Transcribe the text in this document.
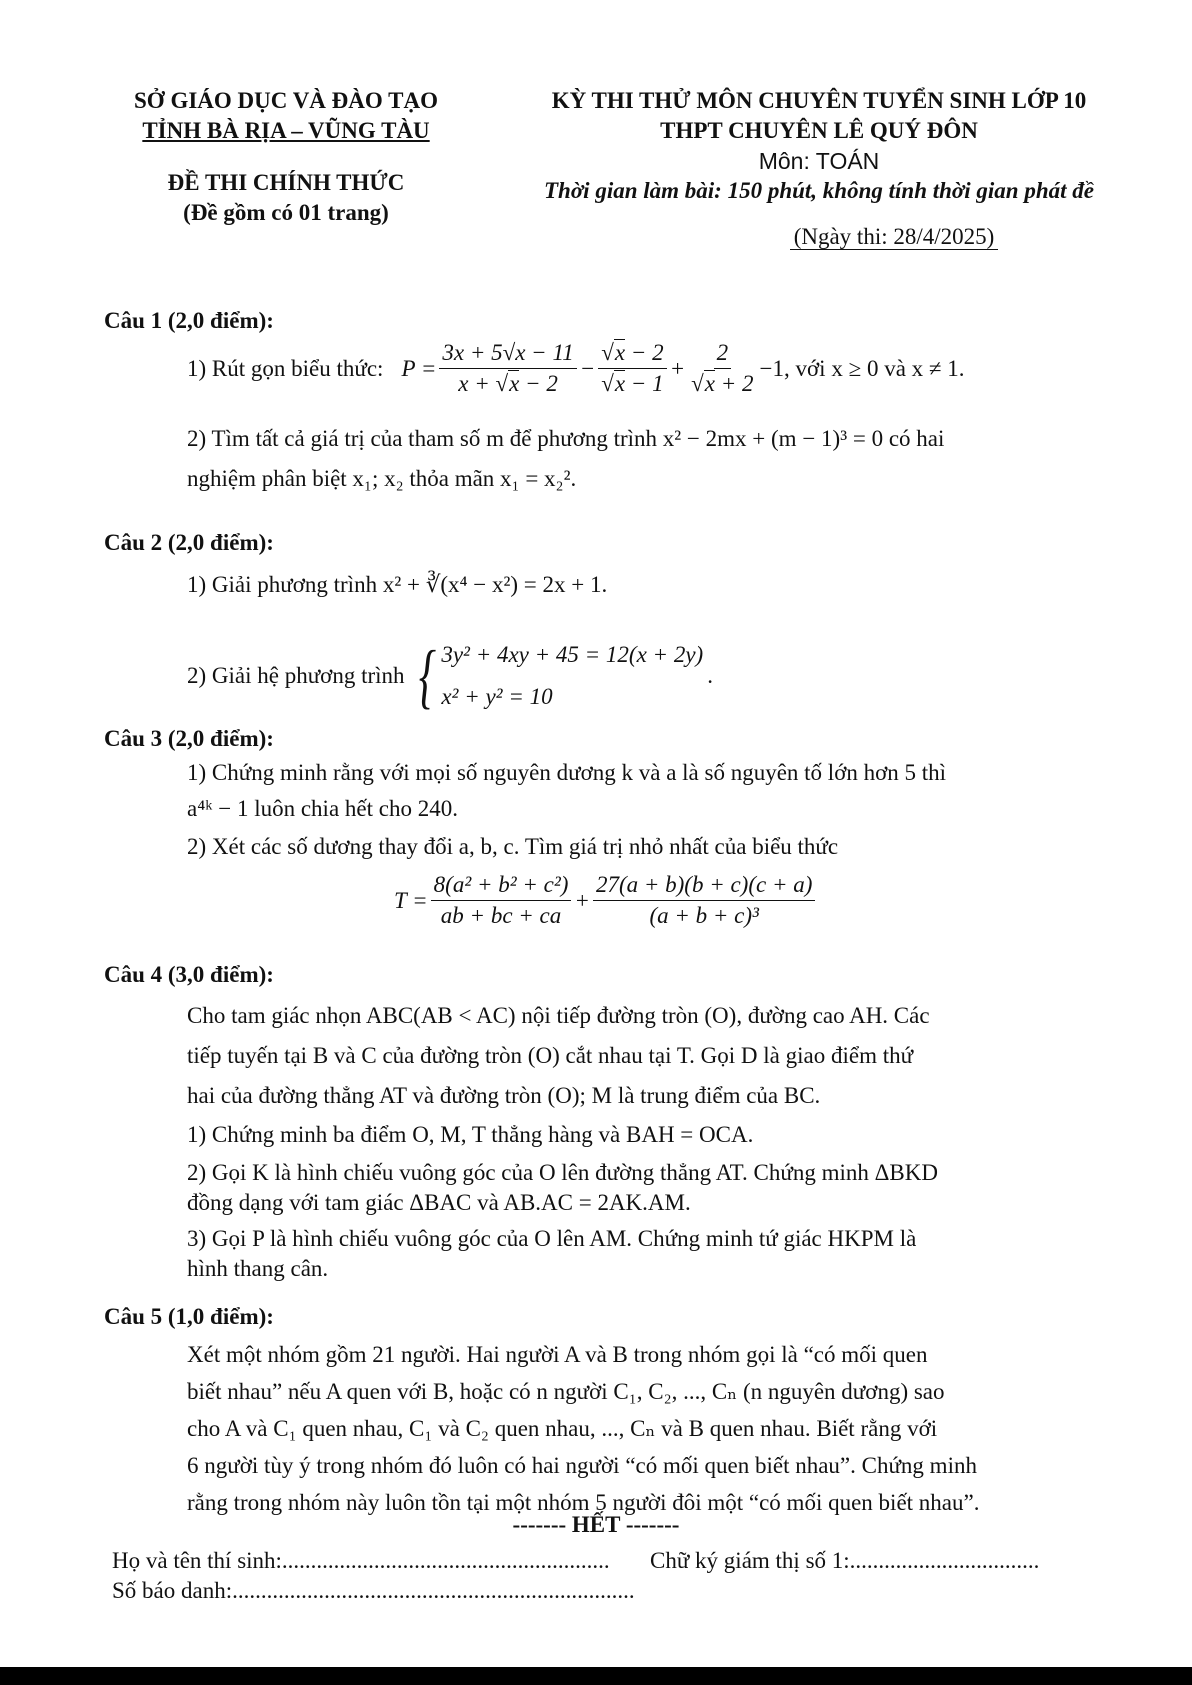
SỞ GIÁO DỤC VÀ ĐÀO TẠO
TỈNH BÀ RỊA – VŨNG TÀU
ĐỀ THI CHÍNH THỨC
(Đề gồm có 01 trang)
KỲ THI THỬ MÔN CHUYÊN TUYỂN SINH LỚP 10
THPT CHUYÊN LÊ QUÝ ĐÔN
Môn: TOÁN
Thời gian làm bài: 150 phút, không tính thời gian phát đề
(Ngày thi: 28/4/2025)
Câu 1 (2,0 điểm):
1) Rút gọn biểu thức: $P = \frac{3x + 5√x - 11}{x + √x - 2} - \frac{√x - 2}{√x - 1} + \frac{2}{√x + 2} -1$, với x ≥ 0 và x ≠ 1.
2) Tìm tất cả giá trị của tham số m để phương trình x² − 2mx + (m − 1)³ = 0 có hai
nghiệm phân biệt x₁; x₂ thỏa mãn x₁ = x₂².
Câu 2 (2,0 điểm):
1) Giải phương trình x² + ∛(x⁴ − x²) = 2x + 1.
2) Giải hệ phương trình { 3y² + 4xy + 45 = 12(x + 2y)
x² + y² = 10
.
Câu 3 (2,0 điểm):
1) Chứng minh rằng với mọi số nguyên dương k và a là số nguyên tố lớn hơn 5 thì
a⁴ᵏ − 1 luôn chia hết cho 240.
2) Xét các số dương thay đổi a, b, c. Tìm giá trị nhỏ nhất của biểu thức
$T = \frac{\text{8(a² + b² + c²)}}{ab + bc + ca} + \frac{27(a + b)(b + c)(c + a)}{\text{(a + b + c)³}}$
Câu 4 (3,0 điểm):
Cho tam giác nhọn ABC(AB < AC) nội tiếp đường tròn (O), đường cao AH. Các
tiếp tuyến tại B và C của đường tròn (O) cắt nhau tại T. Gọi D là giao điểm thứ
hai của đường thẳng AT và đường tròn (O); M là trung điểm của BC.
1) Chứng minh ba điểm O, M, T thẳng hàng và BAH = OCA.
2) Gọi K là hình chiếu vuông góc của O lên đường thẳng AT. Chứng minh ΔBKD
đồng dạng với tam giác ΔBAC và AB.AC = 2AK.AM.
3) Gọi P là hình chiếu vuông góc của O lên AM. Chứng minh tứ giác HKPM là
hình thang cân.
Câu 5 (1,0 điểm):
Xét một nhóm gồm 21 người. Hai người A và B trong nhóm gọi là “có mối quen
biết nhau” nếu A quen với B, hoặc có n người C₁, C₂, ..., Cₙ (n nguyên dương) sao
cho A và C₁ quen nhau, C₁ và C₂ quen nhau, ..., Cₙ và B quen nhau. Biết rằng với
6 người tùy ý trong nhóm đó luôn có hai người “có mối quen biết nhau”. Chứng minh
rằng trong nhóm này luôn tồn tại một nhóm 5 người đôi một “có mối quen biết nhau”.
------- HẾT -------
Họ và tên thí sinh:......................................................... Chữ ký giám thị số 1:.................................
Số báo danh:......................................................................
